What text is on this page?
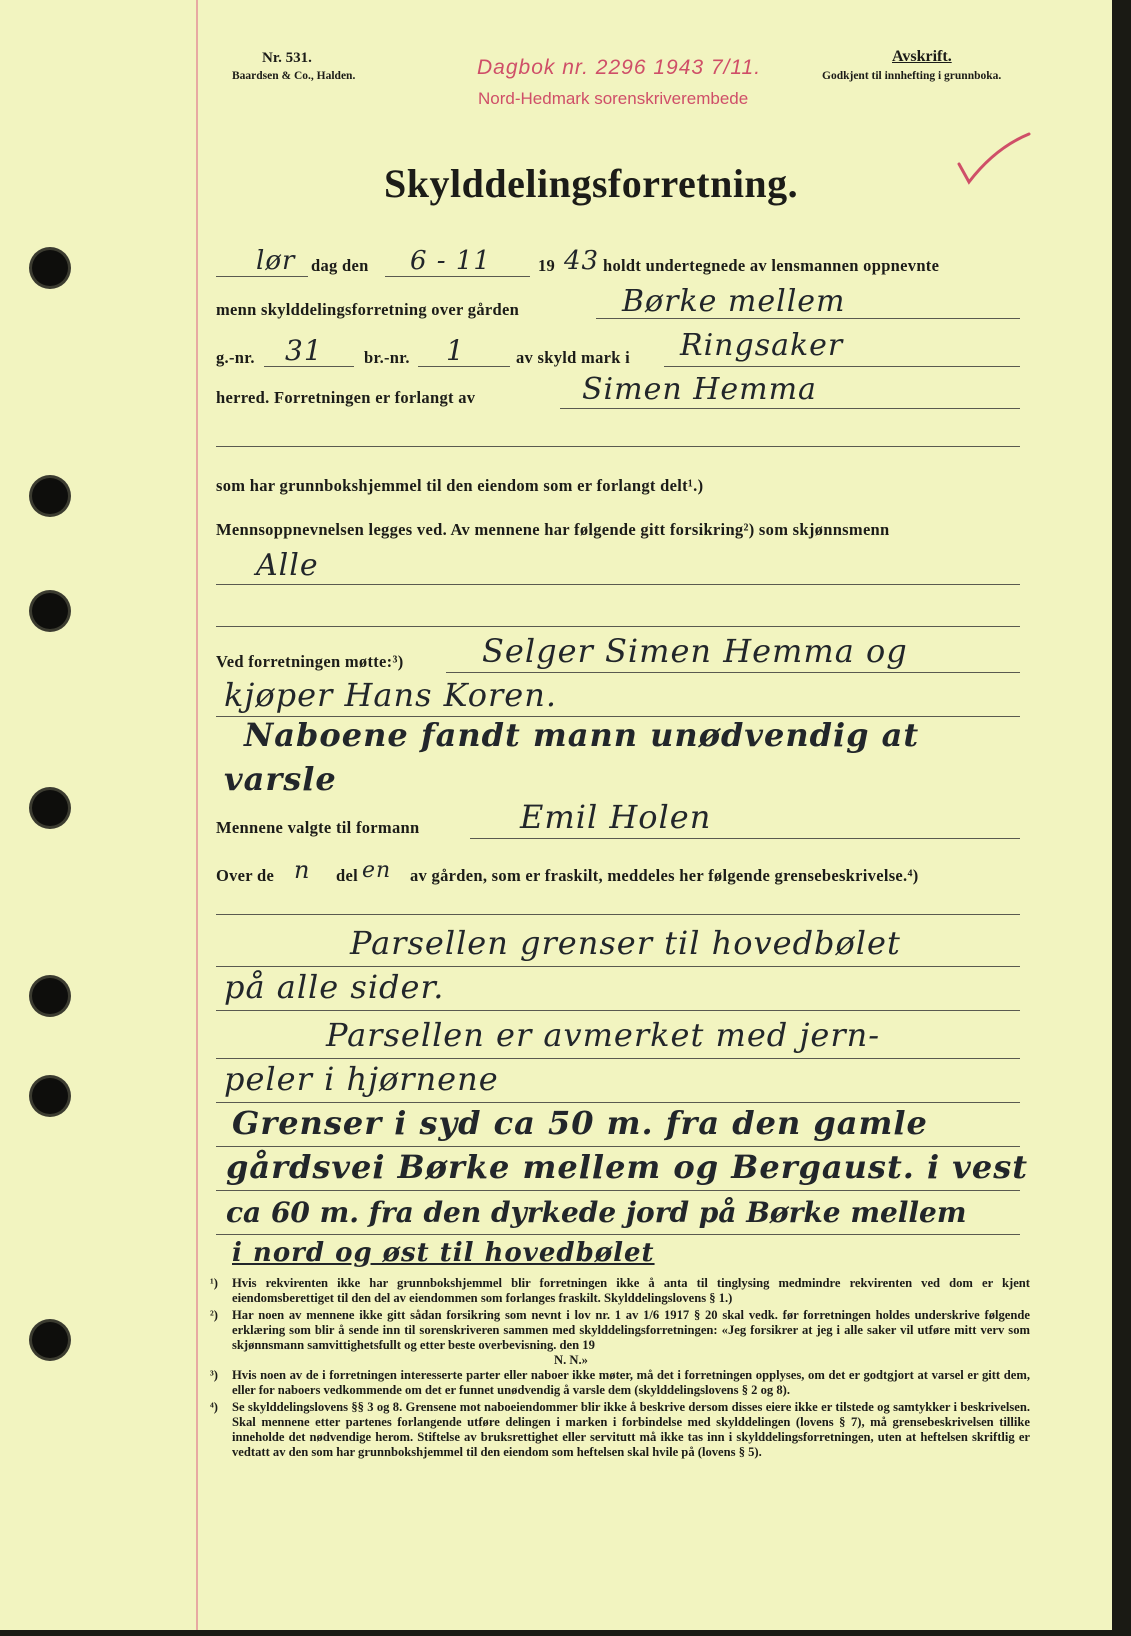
Nr. 531.
Baardsen & Co., Halden.	Dagbok nr. 2296 1943 7/11.
Nord-Hedmark sorenskriverembede
Avskrift.
Godkjent til innhefting i grunnboka.
Skylddelingsforretning.
lør dag den 6 - 11	19 43 holdt undertegnede av lensmannen oppnevnte
menn skylddelingsforretning over gården	Børke mellem
g.-nr. 31	br.-nr. 1	av skyld mark i Ringsaker
herred. Forretningen er forlangt av	Simen Hemma
som har grunnbokshjemmel til den eiendom som er forlangt delt¹.)
Mennsoppnevnelsen legges ved. Av mennene har følgende gitt forsikring²) som skjønnsmenn
Alle
Ved forretningen møtte:³) Selger Simen Hemma og
kjøper Hans Koren.
Naboene fandt mann unødvendig at
varsle
Mennene valgte til formann	Emil Holen
Over de n del en av gården, som er fraskilt, meddeles her følgende grensebeskrivelse.⁴)
Parsellen grenser til hovedbølet
på alle sider.
Parsellen er avmerket med jern-
peler i hjørnene
Grenser i syd ca 50 m. fra den gamle
gårdsvei Børke mellem og Bergaust. i vest
ca 60 m. fra den dyrkede jord på Børke mellem
i nord og øst til hovedbølet
¹)	Hvis rekvirenten ikke har grunnbokshjemmel blir forretningen ikke å anta til tinglysing medmindre rekvirenten ved dom er kjent eiendomsberettiget til den del av eiendommen som forlanges fraskilt. Skylddelingslovens § 1.)
²)	Har noen av mennene ikke gitt sådan forsikring som nevnt i lov nr. 1 av 1/6 1917 § 20 skal vedk. før forretningen holdes underskrive følgende erklæring som blir å sende inn til sorenskriveren sammen med skylddelingsforretningen: «Jeg forsikrer at jeg i alle saker vil utføre mitt verv som skjønnsmann samvittighetsfullt og etter beste overbevisning. den 19
N. N.»
³)	Hvis noen av de i forretningen interesserte parter eller naboer ikke møter, må det i forretningen opplyses, om det er godtgjort at varsel er gitt dem, eller for naboers vedkommende om det er funnet unødvendig å varsle dem (skylddelingslovens § 2 og 8).
⁴)	Se skylddelingslovens §§ 3 og 8. Grensene mot naboeiendommer blir ikke å beskrive dersom disses eiere ikke er tilstede og samtykker i beskrivelsen. Skal mennene etter partenes forlangende utføre delingen i marken i forbindelse med skylddelingen (lovens § 7), må grensebeskrivelsen tillike inneholde det nødvendige herom. Stiftelse av bruksrettighet eller servitutt må ikke tas inn i skylddelingsforretningen, uten at heftelsen skriftlig er vedtatt av den som har grunnbokshjemmel til den eiendom som heftelsen skal hvile på (lovens § 5).
